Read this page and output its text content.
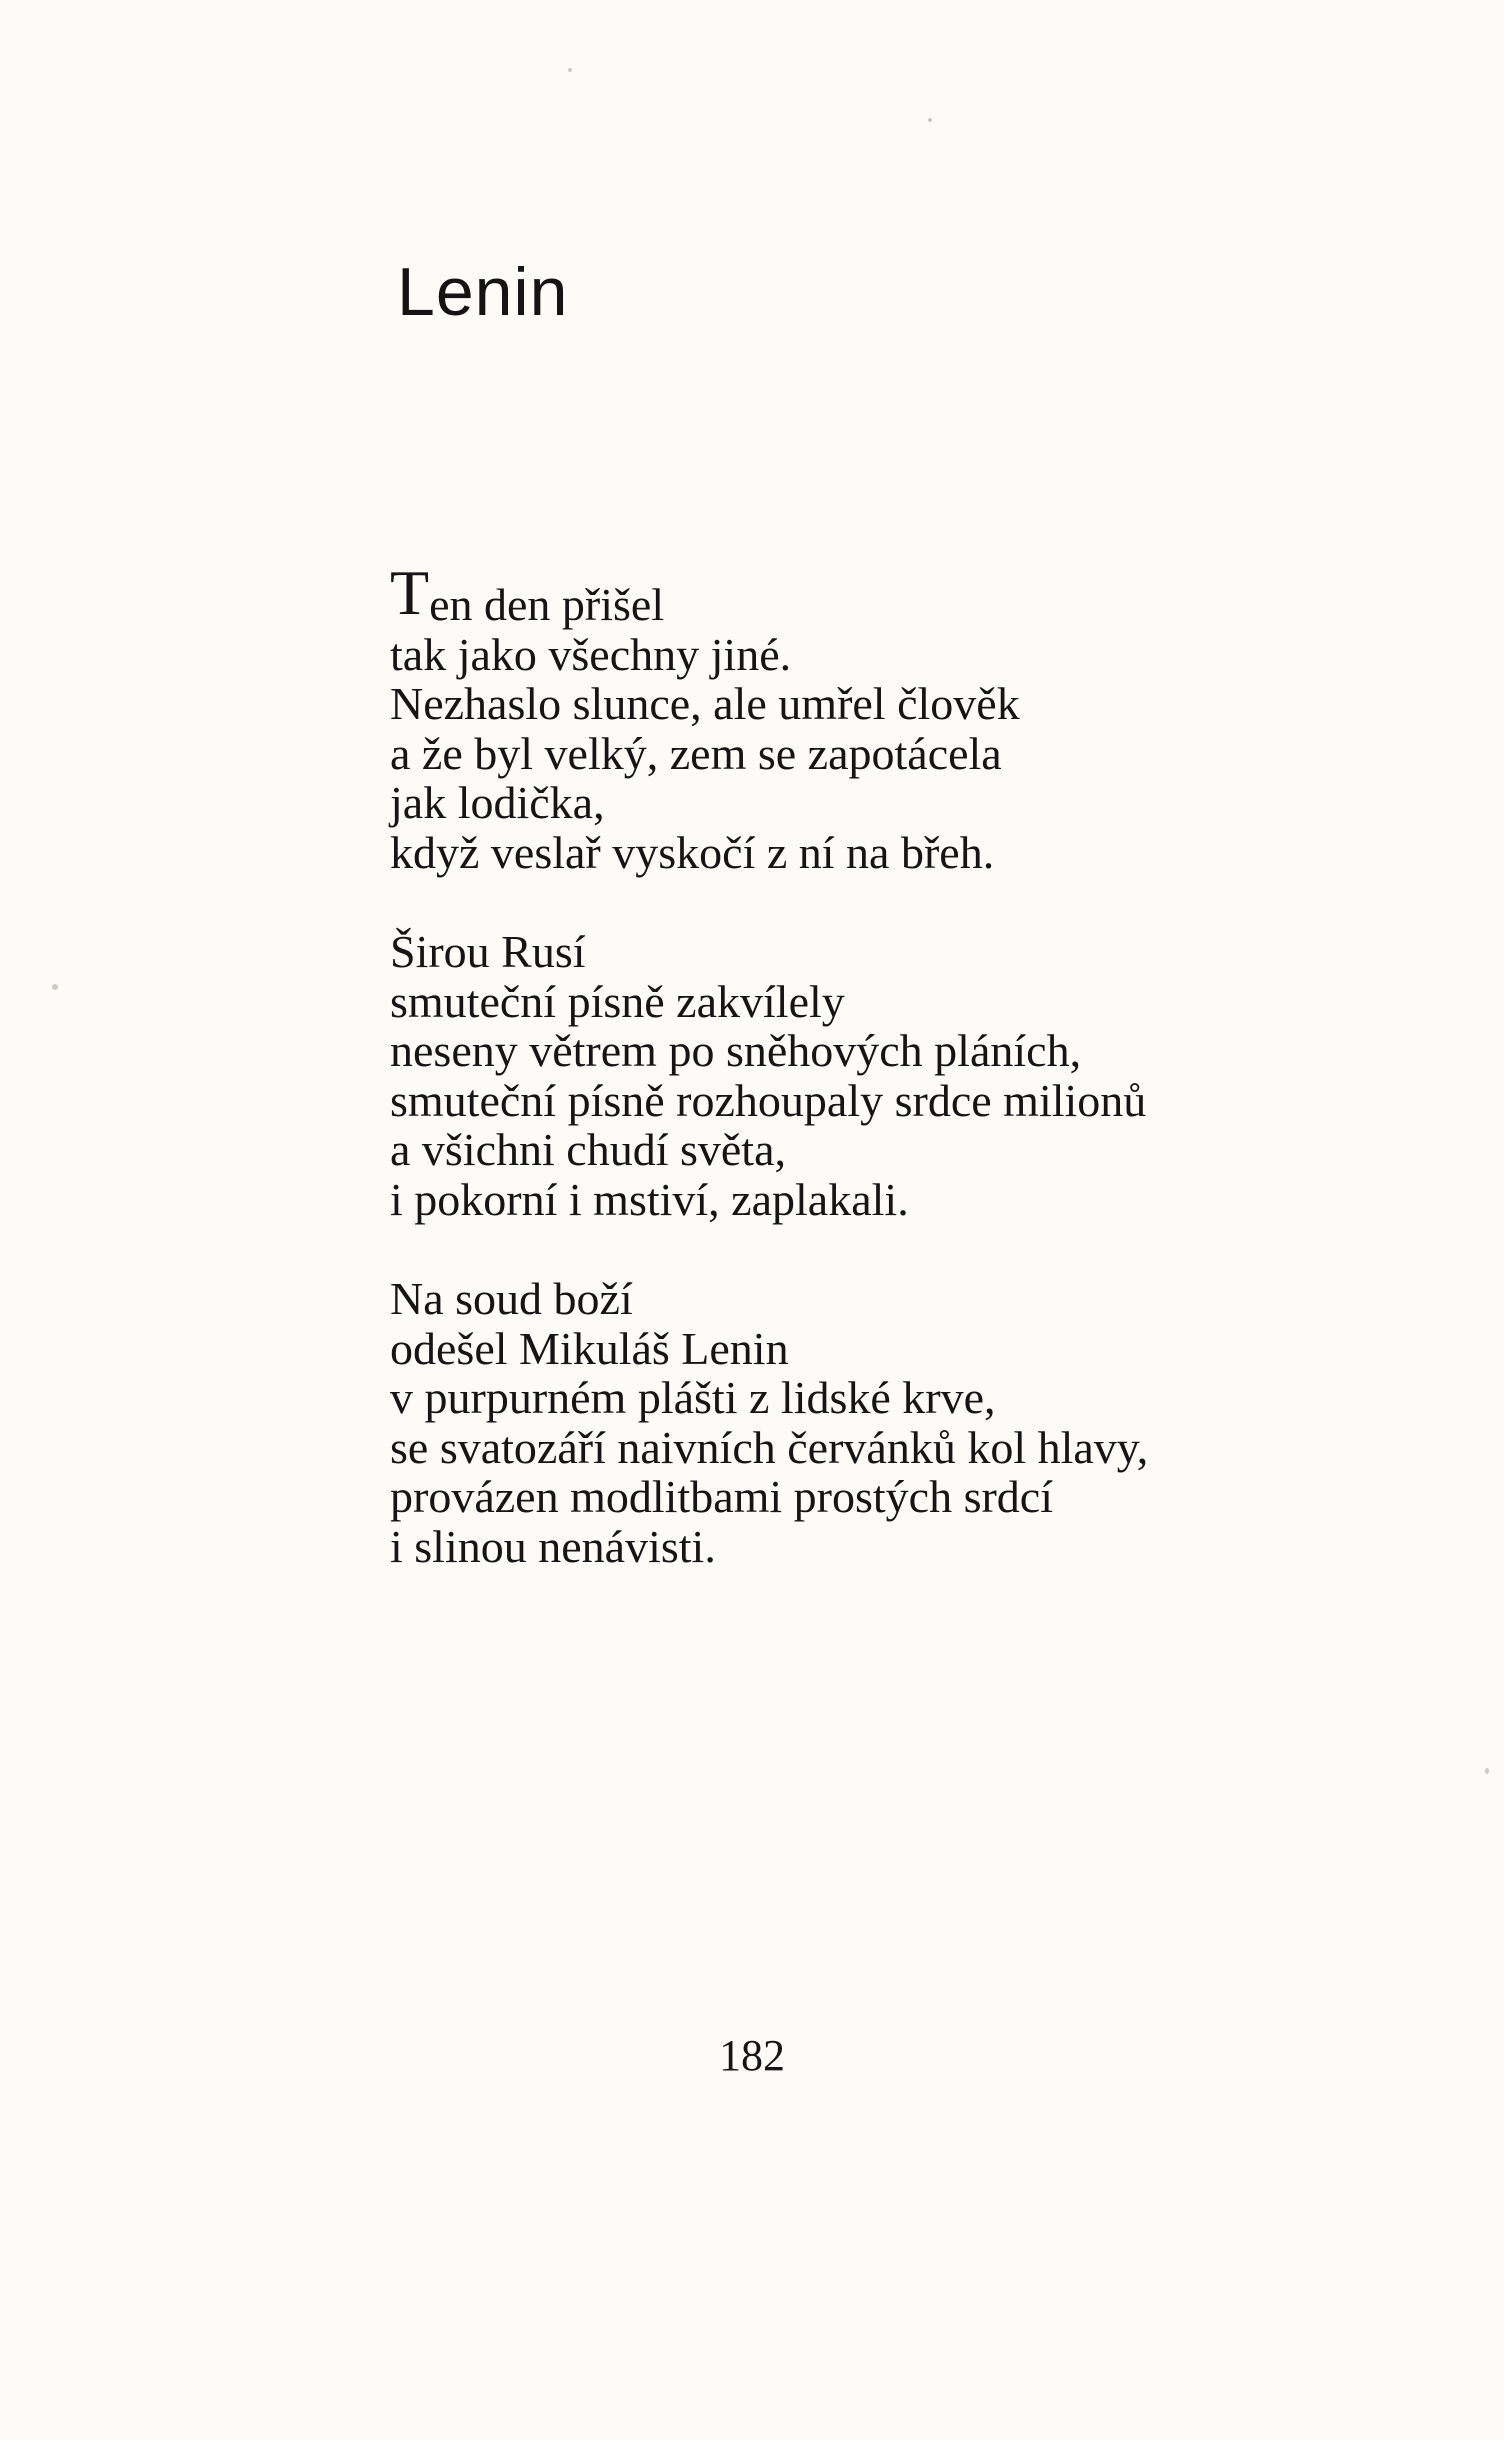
Lenin
Ten den přišel
tak jako všechny jiné.
Nezhaslo slunce, ale umřel člověk
a že byl velký, zem se zapotácela
jak lodička,
když veslař vyskočí z ní na břeh.
Širou Rusí
smuteční písně zakvílely
neseny větrem po sněhových pláních,
smuteční písně rozhoupaly srdce milionů
a všichni chudí světa,
i pokorní i mstiví, zaplakali.
Na soud boží
odešel Mikuláš Lenin
v purpurném plášti z lidské krve,
se svatozáří naivních červánků kol hlavy,
provázen modlitbami prostých srdcí
i slinou nenávisti.
182
